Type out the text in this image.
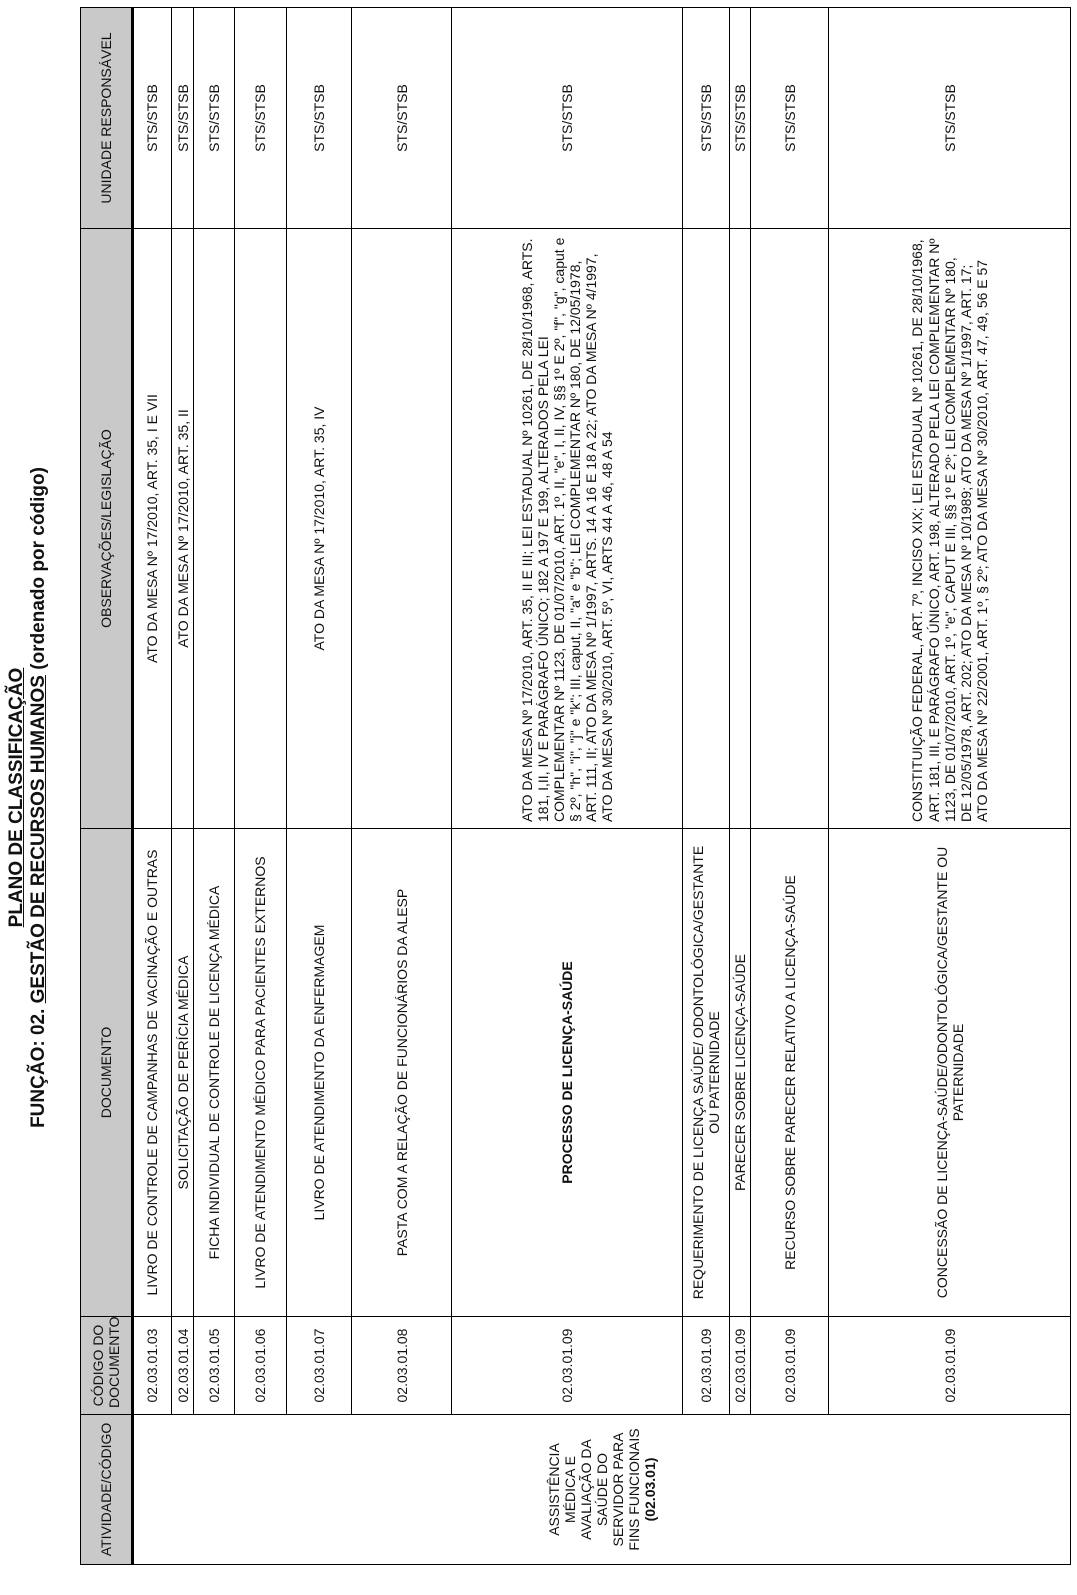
PLANO DE CLASSIFICAÇÃO
FUNÇÃO: 02. GESTÃO DE RECURSOS HUMANOS (ordenado por código)
ATIVIDADE/CÓDIGO	CÓDIGO DO DOCUMENTO	DOCUMENTO	OBSERVAÇÕES/LEGISLAÇÃO	UNIDADE RESPONSÁVEL

ASSISTÊNCIA MÉDICA E AVALIAÇÃO DA SAÚDE DO SERVIDOR PARA FINS FUNCIONAIS (02.03.01)	02.03.01.03	LIVRO DE CONTROLE DE CAMPANHAS DE VACINAÇÃO E OUTRAS	ATO DA MESA Nº 17/2010, ART. 35, I E VII	STS/STSB
	02.03.01.04	SOLICITAÇÃO DE PERÍCIA MÉDICA	ATO DA MESA Nº 17/2010, ART. 35, II	STS/STSB
	02.03.01.05	FICHA INDIVIDUAL DE CONTROLE DE LICENÇA MÉDICA		STS/STSB
	02.03.01.06	LIVRO DE ATENDIMENTO MÉDICO PARA PACIENTES EXTERNOS		STS/STSB
	02.03.01.07	LIVRO DE ATENDIMENTO DA ENFERMAGEM	ATO DA MESA Nº 17/2010, ART. 35, IV	STS/STSB
	02.03.01.08	PASTA COM A RELAÇÃO DE FUNCIONÁRIOS DA ALESP		STS/STSB
	02.03.01.09	PROCESSO DE LICENÇA-SAÚDE	ATO DA MESA Nº 17/2010, ART. 35, II E III; LEI ESTADUAL Nº 10261, DE 28/10/1968, ARTS. 181, I,II, IV E PARÁGRAFO ÚNICO; 182 A 197 E 199, ALTERADOS PELA LEI COMPLEMENTAR Nº 1123, DE 01/07/2010, ART. 1º, II, "e", I, II, IV, §§ 1º E 2º, "f", "g", caput e § 2º, "h", "i", "j" e "k"; III, caput, II, "a" e "b"; LEI COMPLEMENTAR Nº 180, DE 12/05/1978, ART. 111, II; ATO DA MESA Nº 1/1997, ARTS. 14 A 16 E 18 A 22; ATO DA MESA Nº 4/1997, ATO DA MESA Nº 30/2010, ART. 5º, VI, ARTS 44 A 46, 48 A 54	STS/STSB
	02.03.01.09	REQUERIMENTO DE LICENÇA SAÚDE/ ODONTOLÓGICA/GESTANTE OU PATERNIDADE		STS/STSB
	02.03.01.09	PARECER SOBRE LICENÇA-SAÚDE		STS/STSB
	02.03.01.09	RECURSO SOBRE PARECER RELATIVO A LICENÇA-SAÚDE		STS/STSB
	02.03.01.09	CONCESSÃO DE LICENÇA-SAÚDE/ODONTOLÓGICA/GESTANTE OU PATERNIDADE	CONSTITUIÇÃO FEDERAL, ART. 7º, INCISO XIX; LEI ESTADUAL Nº 10261, DE 28/10/1968, ART. 181, III, E PARÁGRAFO ÚNICO, ART. 198, ALTERADO PELA LEI COMPLEMENTAR Nº 1123, DE 01/07/2010, ART. 1º, "e", CAPUT E III, §§ 1º E 2º; LEI COMPLEMENTAR Nº 180, DE 12/05/1978, ART. 202; ATO DA MESA Nº 10/1989; ATO DA MESA Nº 1/1997, ART. 17; ATO DA MESA Nº 22/2001, ART. 1º, § 2º; ATO DA MESA Nº 30/2010, ART. 47, 49, 56 E 57	STS/STSB
